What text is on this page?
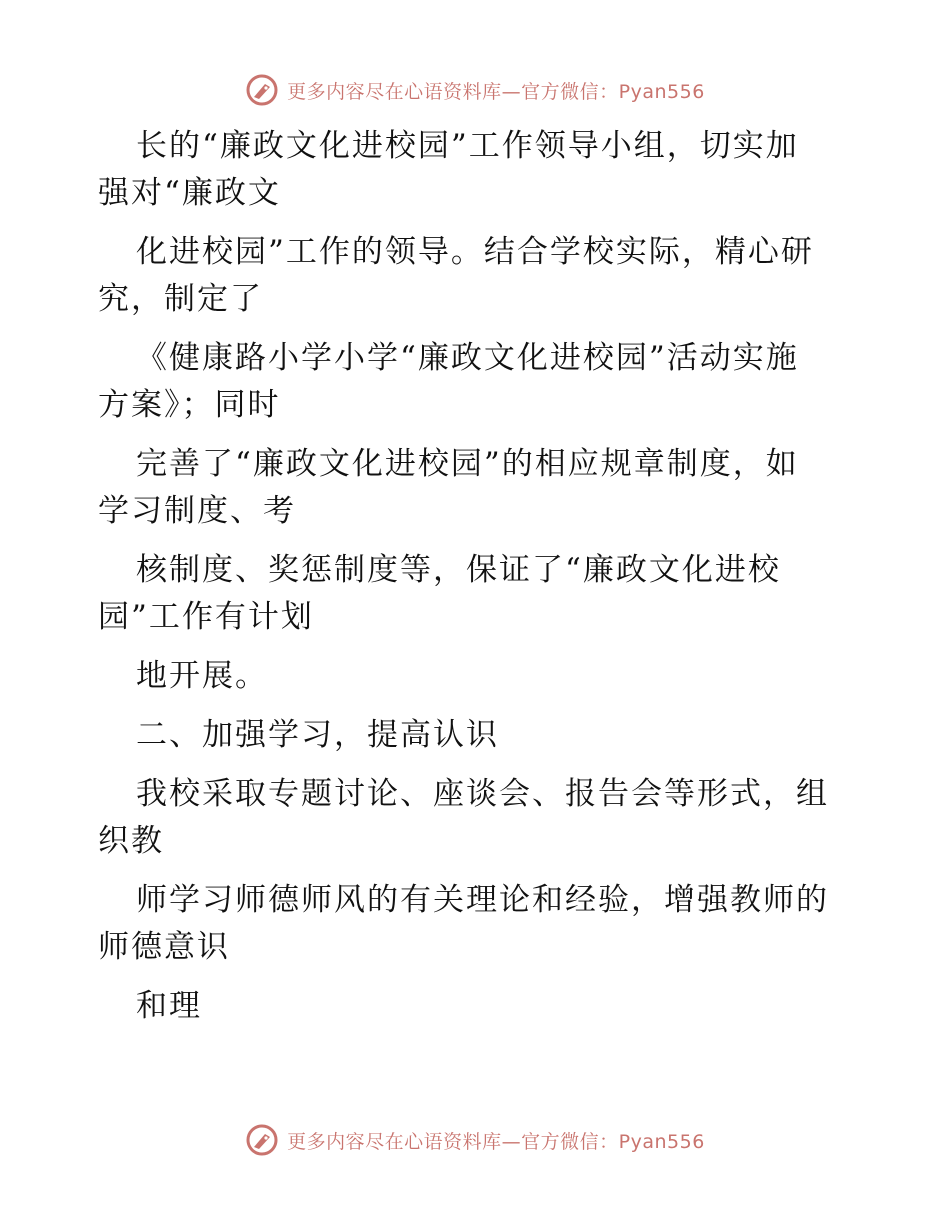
更多内容尽在心语资料库—官方微信：Pyan556
长的“廉政文化进校园”工作领导小组，切实加
强对“廉政文
化进校园”工作的领导。结合学校实际，精心研
究，制定了
《健康路小学小学“廉政文化进校园”活动实施
方案》；同时
完善了“廉政文化进校园”的相应规章制度，如
学习制度、考
核制度、奖惩制度等，保证了“廉政文化进校
园”工作有计划
地开展。
二、加强学习，提高认识
我校采取专题讨论、座谈会、报告会等形式，组
织教
师学习师德师风的有关理论和经验，增强教师的
师德意识
和理
更多内容尽在心语资料库—官方微信：Pyan556
